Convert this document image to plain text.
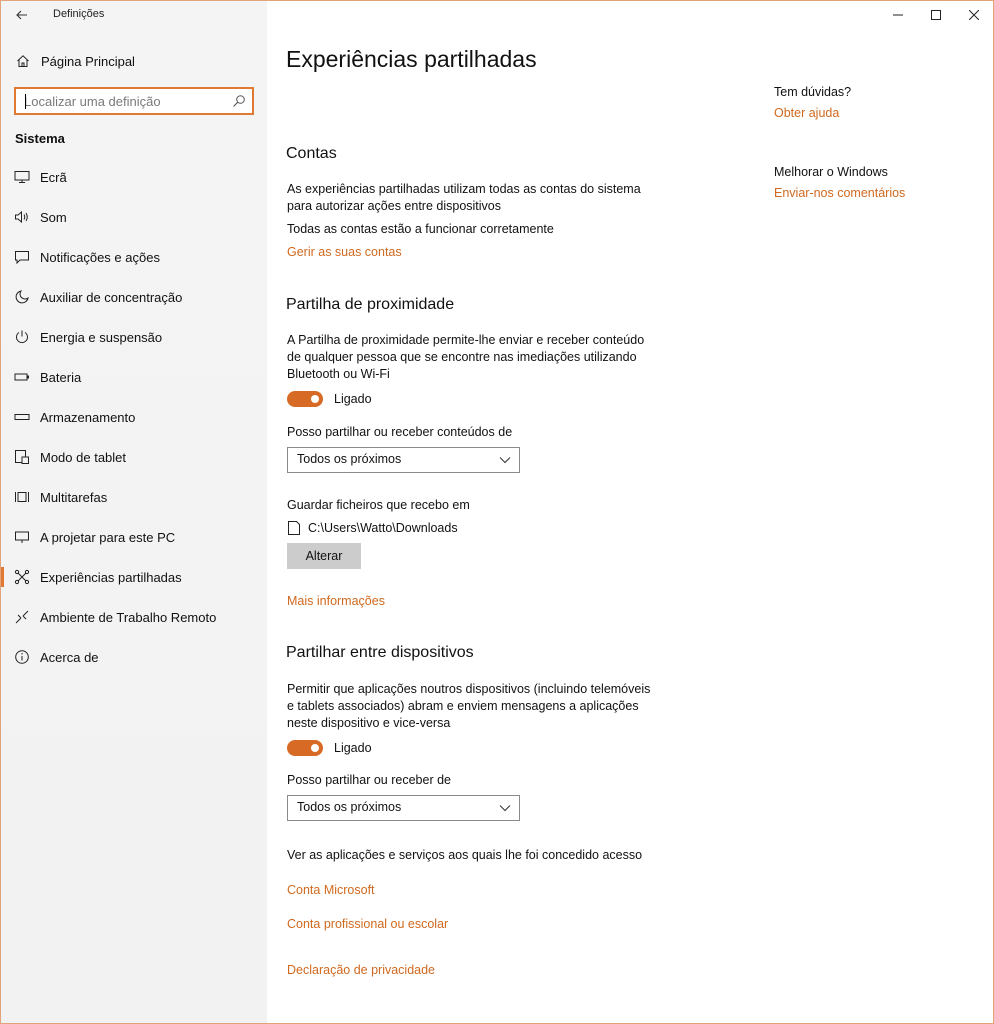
Definições
Página Principal
Localizar uma definição
Sistema
Ecrã
Som
Notificações e ações
Auxiliar de concentração
Energia e suspensão
Bateria
Armazenamento
Modo de tablet
Multitarefas
A projetar para este PC
Experiências partilhadas
Ambiente de Trabalho Remoto
Acerca de
Experiências partilhadas
Contas
As experiências partilhadas utilizam todas as contas do sistema para autorizar ações entre dispositivos
Todas as contas estão a funcionar corretamente
Gerir as suas contas
Partilha de proximidade
A Partilha de proximidade permite-lhe enviar e receber conteúdo de qualquer pessoa que se encontre nas imediações utilizando Bluetooth ou Wi-Fi
Ligado
Posso partilhar ou receber conteúdos de
Todos os próximos
Guardar ficheiros que recebo em
C:\Users\Watto\Downloads
Alterar
Mais informações
Partilhar entre dispositivos
Permitir que aplicações noutros dispositivos (incluindo telemóveis e tablets associados) abram e enviem mensagens a aplicações neste dispositivo e vice-versa
Ligado
Posso partilhar ou receber de
Todos os próximos
Ver as aplicações e serviços aos quais lhe foi concedido acesso
Conta Microsoft
Conta profissional ou escolar
Declaração de privacidade
Tem dúvidas?
Obter ajuda
Melhorar o Windows
Enviar-nos comentários
